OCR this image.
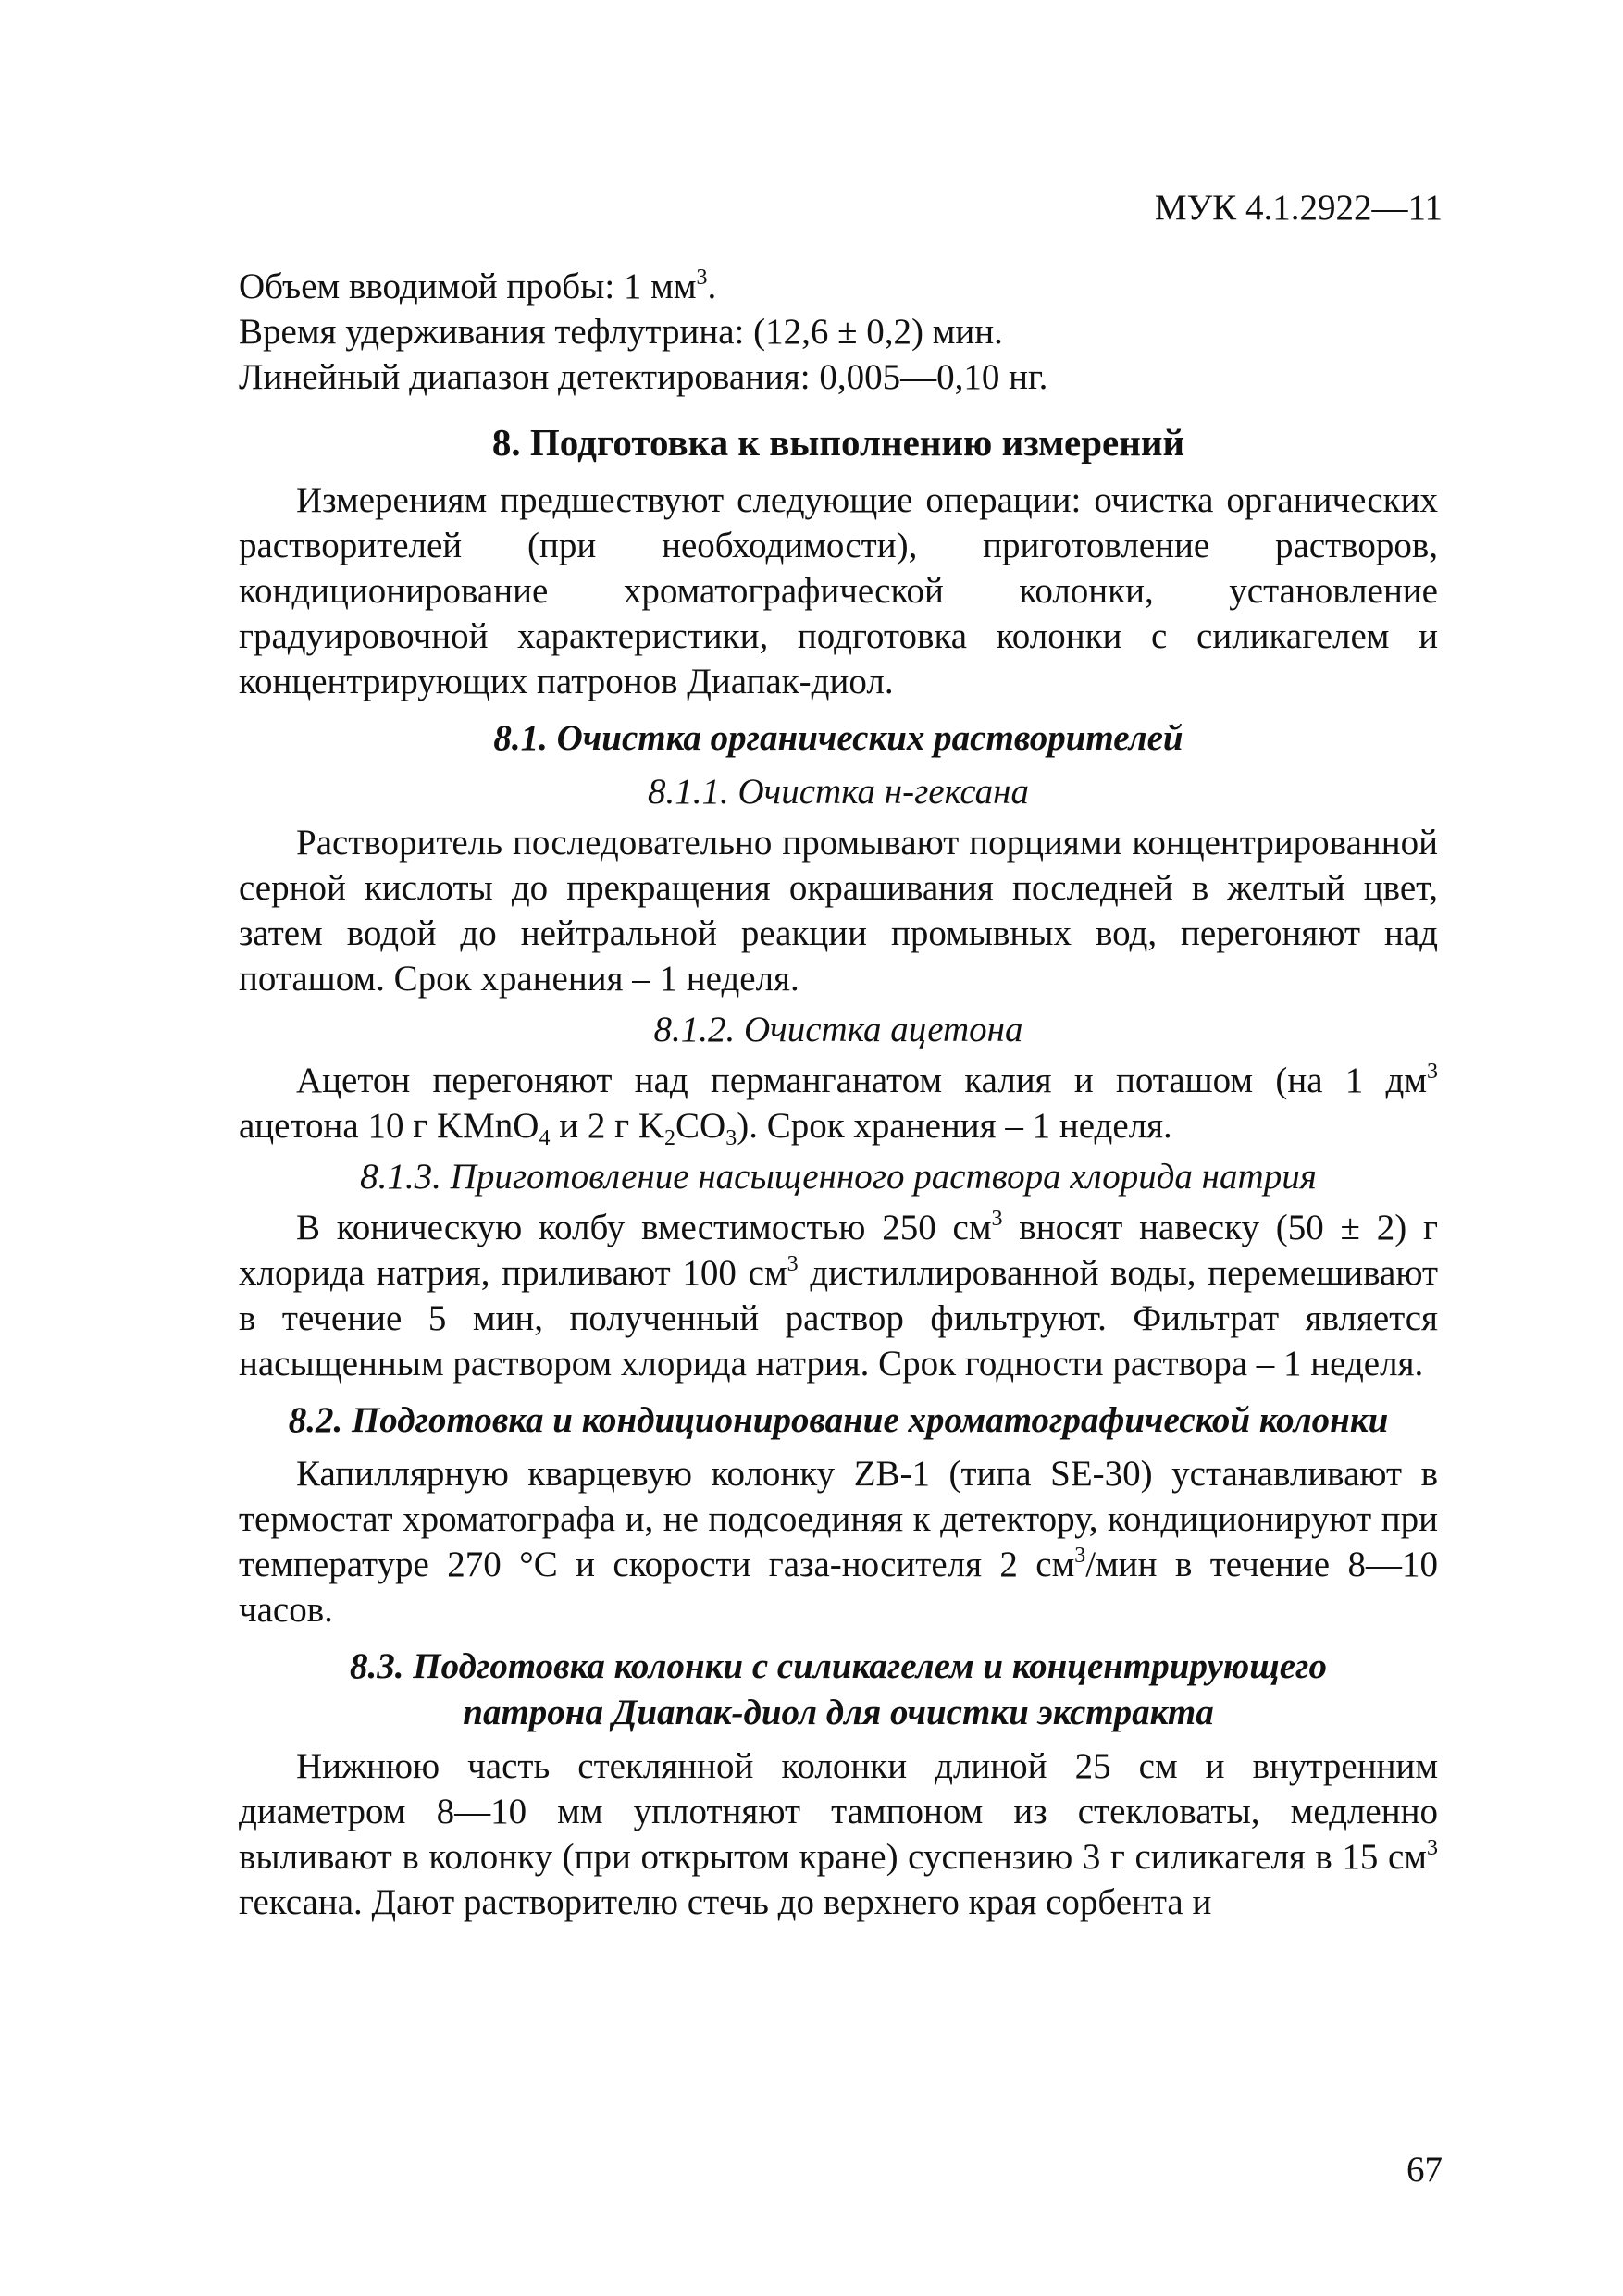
МУК 4.1.2922—11
Объем вводимой пробы: 1 $мм^3$.
Время удерживания тефлутрина: (12,6 ± 0,2) мин.
Линейный диапазон детектирования: 0,005—0,10 нг.
8. Подготовка к выполнению измерений

Измерениям предшествуют следующие операции: очистка органических растворителей (при необходимости), приготовление растворов, кондиционирование хроматографической колонки, установление градуировочной характеристики, подготовка колонки с силикагелем и концентрирующих патронов Диапак-диол.

8.1. Очистка органических растворителей
8.1.1. Очистка н-гексана

Растворитель последовательно промывают порциями концентрированной серной кислоты до прекращения окрашивания последней в желтый цвет, затем водой до нейтральной реакции промывных вод, перегоняют над поташом. Срок хранения – 1 неделя.

8.1.2. Очистка ацетона

Ацетон перегоняют над перманганатом калия и поташом (на 1 $дм^3$ ацетона 10 г KMnO$_4$ и 2 г $K_2CO_3$). Срок хранения – 1 неделя.

8.1.3. Приготовление насыщенного раствора хлорида натрия

В коническую колбу вместимостью 250 $см^3$ вносят навеску (50 ± 2) г хлорида натрия, приливают 100 $см^3$ дистиллированной воды, перемешивают в течение 5 мин, полученный раствор фильтруют. Фильтрат является насыщенным раствором хлорида натрия. Срок годности раствора – 1 неделя.

8.2. Подготовка и кондиционирование хроматографической колонки

Капиллярную кварцевую колонку ZB-1 (типа SE-30) устанавливают в термостат хроматографа и, не подсоединяя к детектору, кондиционируют при температуре 270 °С и скорости газа-носителя 2 $см^3$/мин в течение 8—10 часов.

8.3. Подготовка колонки с силикагелем и концентрирующего
патрона Диапак-диол для очистки экстракта

Нижнюю часть стеклянной колонки длиной 25 см и внутренним диаметром 8—10 мм уплотняют тампоном из стекловаты, медленно выливают в колонку (при открытом кране) суспензию 3 г силикагеля в 15 $см^3$ гексана. Дают растворителю стечь до верхнего края сорбента и

67
